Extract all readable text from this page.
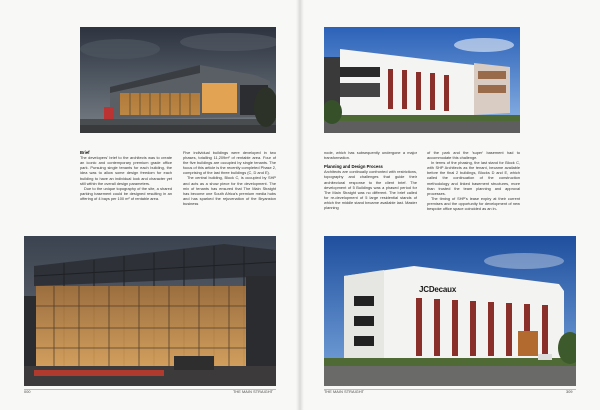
Brief

The developers' brief to the architects was to create an iconic and contemporary premium grade office park. Pursuing single tenants for each building, the idea was to allow some design freedom for each building to have an individual look and character yet still within the overall design parameters.

Due to the unique topography of the site, a shared parking basement could be designed resulting in an offering of 4 bays per 100 m² of rentable area.

Five individual buildings were developed in two phases, totalling 11,209m² of rentable area. Four of the five buildings are occupied by single tenants. The focus of this article is the recently completed Phase 2, comprising of the last three buildings (C, D and E).

The central building, Block C, is occupied by SHP and acts as a show piece for the development. The mix of tenants has ensured that The Main Straight has become one South Africa's premium media hubs and has sparked the rejuvenation of the Bryanston business

000	THE MAIN STRAIGHT

node, which has subsequently undergone a major transformation.

Planning and Design Process

Architects are continually confronted with restrictions, topography and challenges that guide their architectural response to the client brief. The development of 5 Buildings was a phased period for The Main Straight was no different. The brief called for re-development of 5 large residential stands of which the middle stand became available last. Master planning

of the park and the 'super' basement had to accommodate this challenge.

In terms of the phasing, the last stand for Block C, with SHP Architects as the tenant, became available before the final 2 buildings, Blocks D and E, which called the continuation of the construction methodology and linked basement structures, more than trusted the team planning and approval processes.

The timing of SHP's lease expiry at their current premises and the opportunity for development of new bespoke office space coincided as an in-

JCDecaux
THE MAIN STRAIGHT	309
